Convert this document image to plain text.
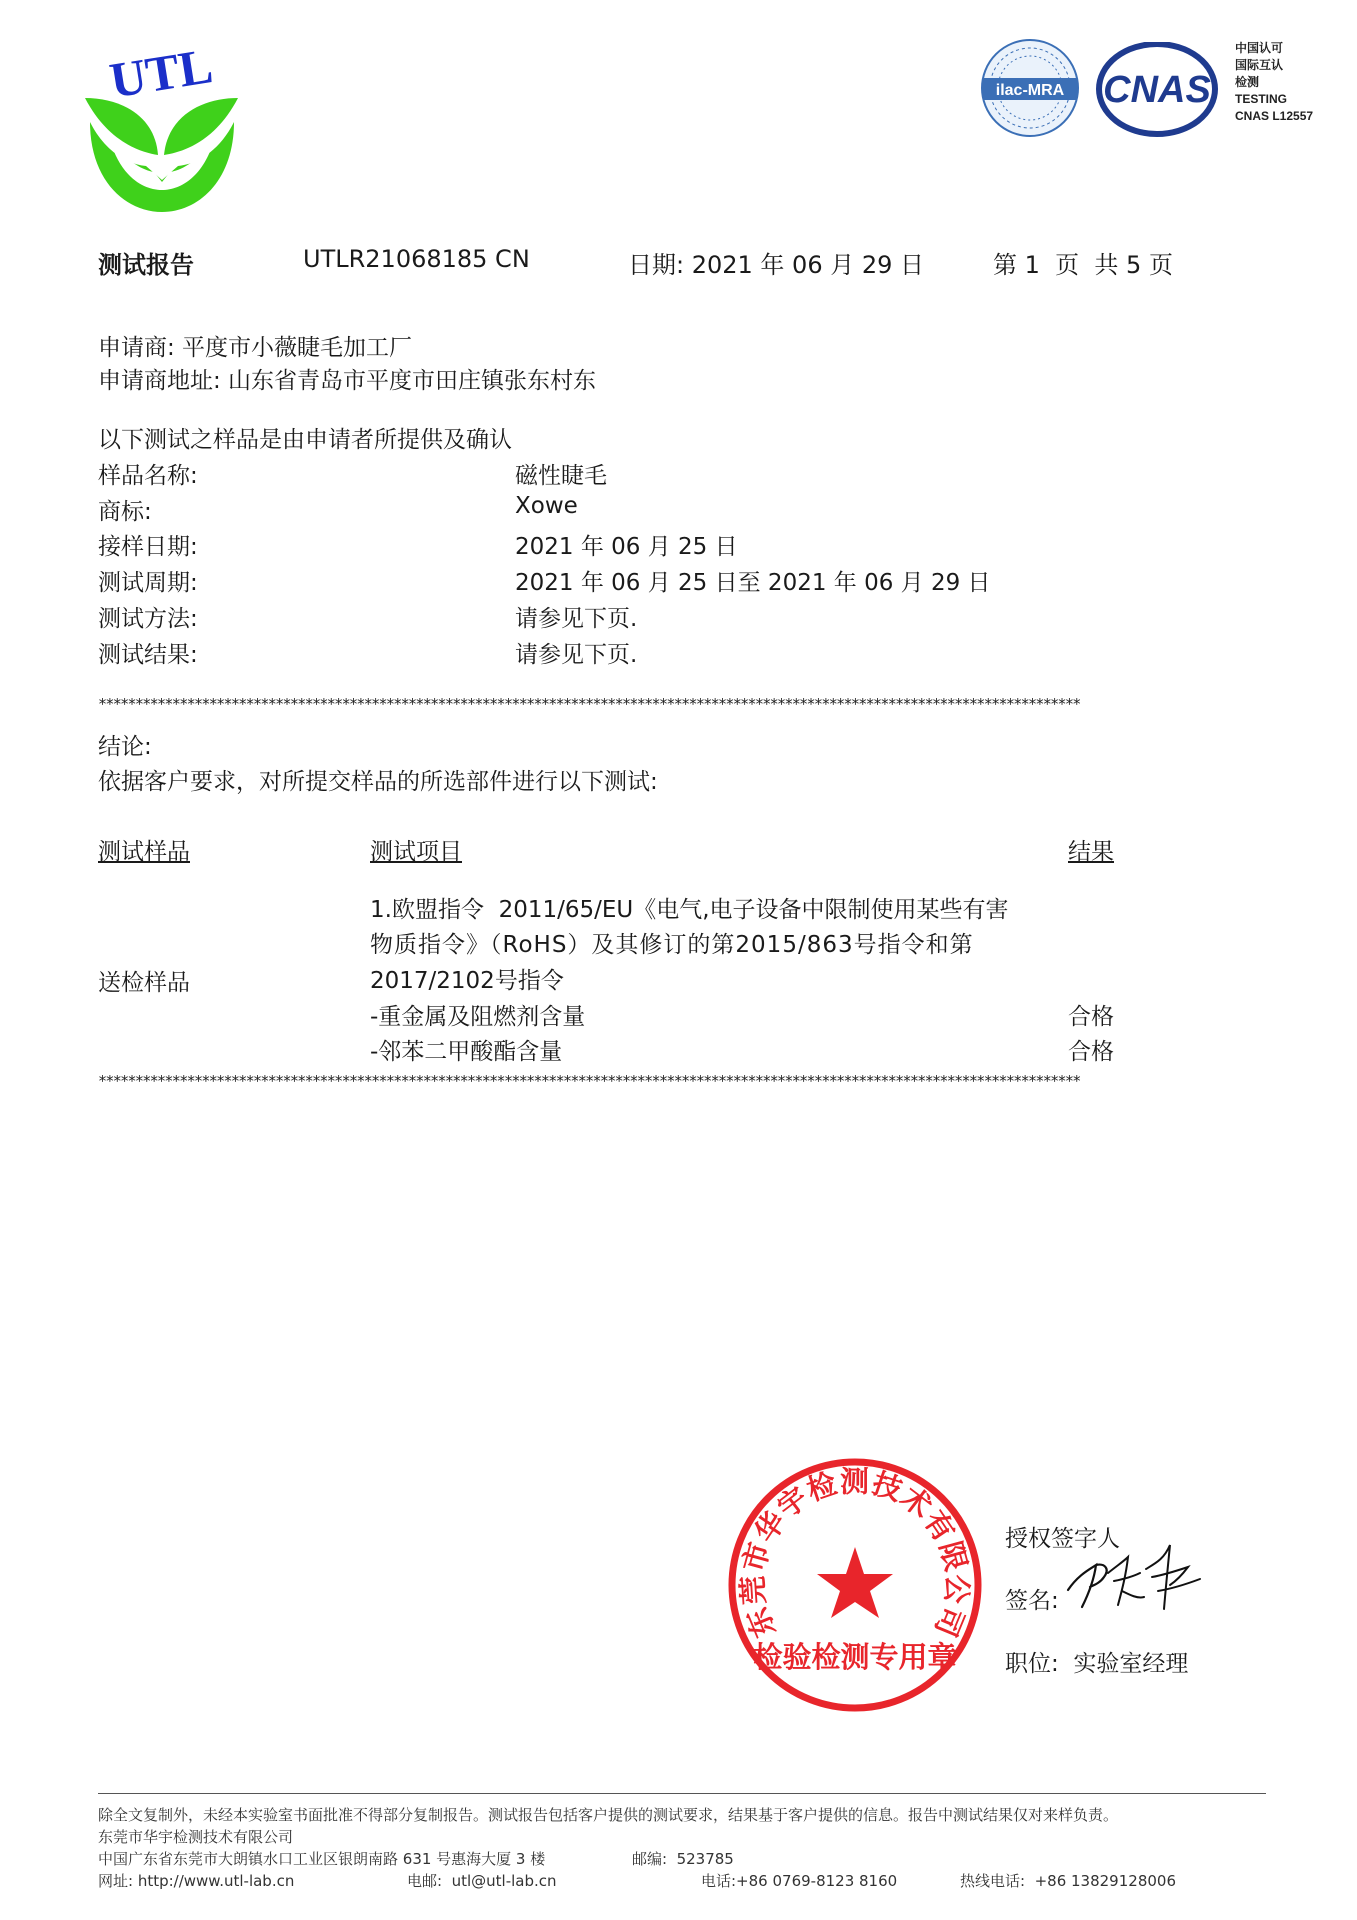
UTL	ilac-MRA CNAS
中国认可
国际互认
检测
TESTING
CNAS L12557
测试报告	UTLR21068185 CN	日期: 2021 年 06 月 29 日	第 1  页  共 5 页
申请商: 平度市小薇睫毛加工厂
申请商地址: 山东省青岛市平度市田庄镇张东村东
以下测试之样品是由申请者所提供及确认
样品名称:	磁性睫毛
商标:	Xowe
接样日期:	2021 年 06 月 25 日
测试周期:	2021 年 06 月 25 日至 2021 年 06 月 29 日
测试方法:	请参见下页.
测试结果:	请参见下页.
*************************************************************************************************************************************
结论:
依据客户要求，对所提交样品的所选部件进行以下测试:
测试样品	测试项目	结果
送检样品
1.欧盟指令  2011/65/EU《电气,电子设备中限制使用某些有害
物质指令》（RoHS）及其修订的第2015/863号指令和第
2017/2102号指令
-重金属及阻燃剂含量	合格
-邻苯二甲酸酯含量	合格
*************************************************************************************************************************************
东莞市华宇检测技术有限公司
检验检测专用章
授权签字人
签名:
职位:  实验室经理
除全文复制外，未经本实验室书面批准不得部分复制报告。测试报告包括客户提供的测试要求，结果基于客户提供的信息。报告中测试结果仅对来样负责。
东莞市华宇检测技术有限公司
中国广东省东莞市大朗镇水口工业区银朗南路 631 号惠海大厦 3 楼	邮编:  523785
网址: http://www.utl-lab.cn	电邮:  utl@utl-lab.cn	电话:+86 0769-8123 8160	热线电话:  +86 13829128006
